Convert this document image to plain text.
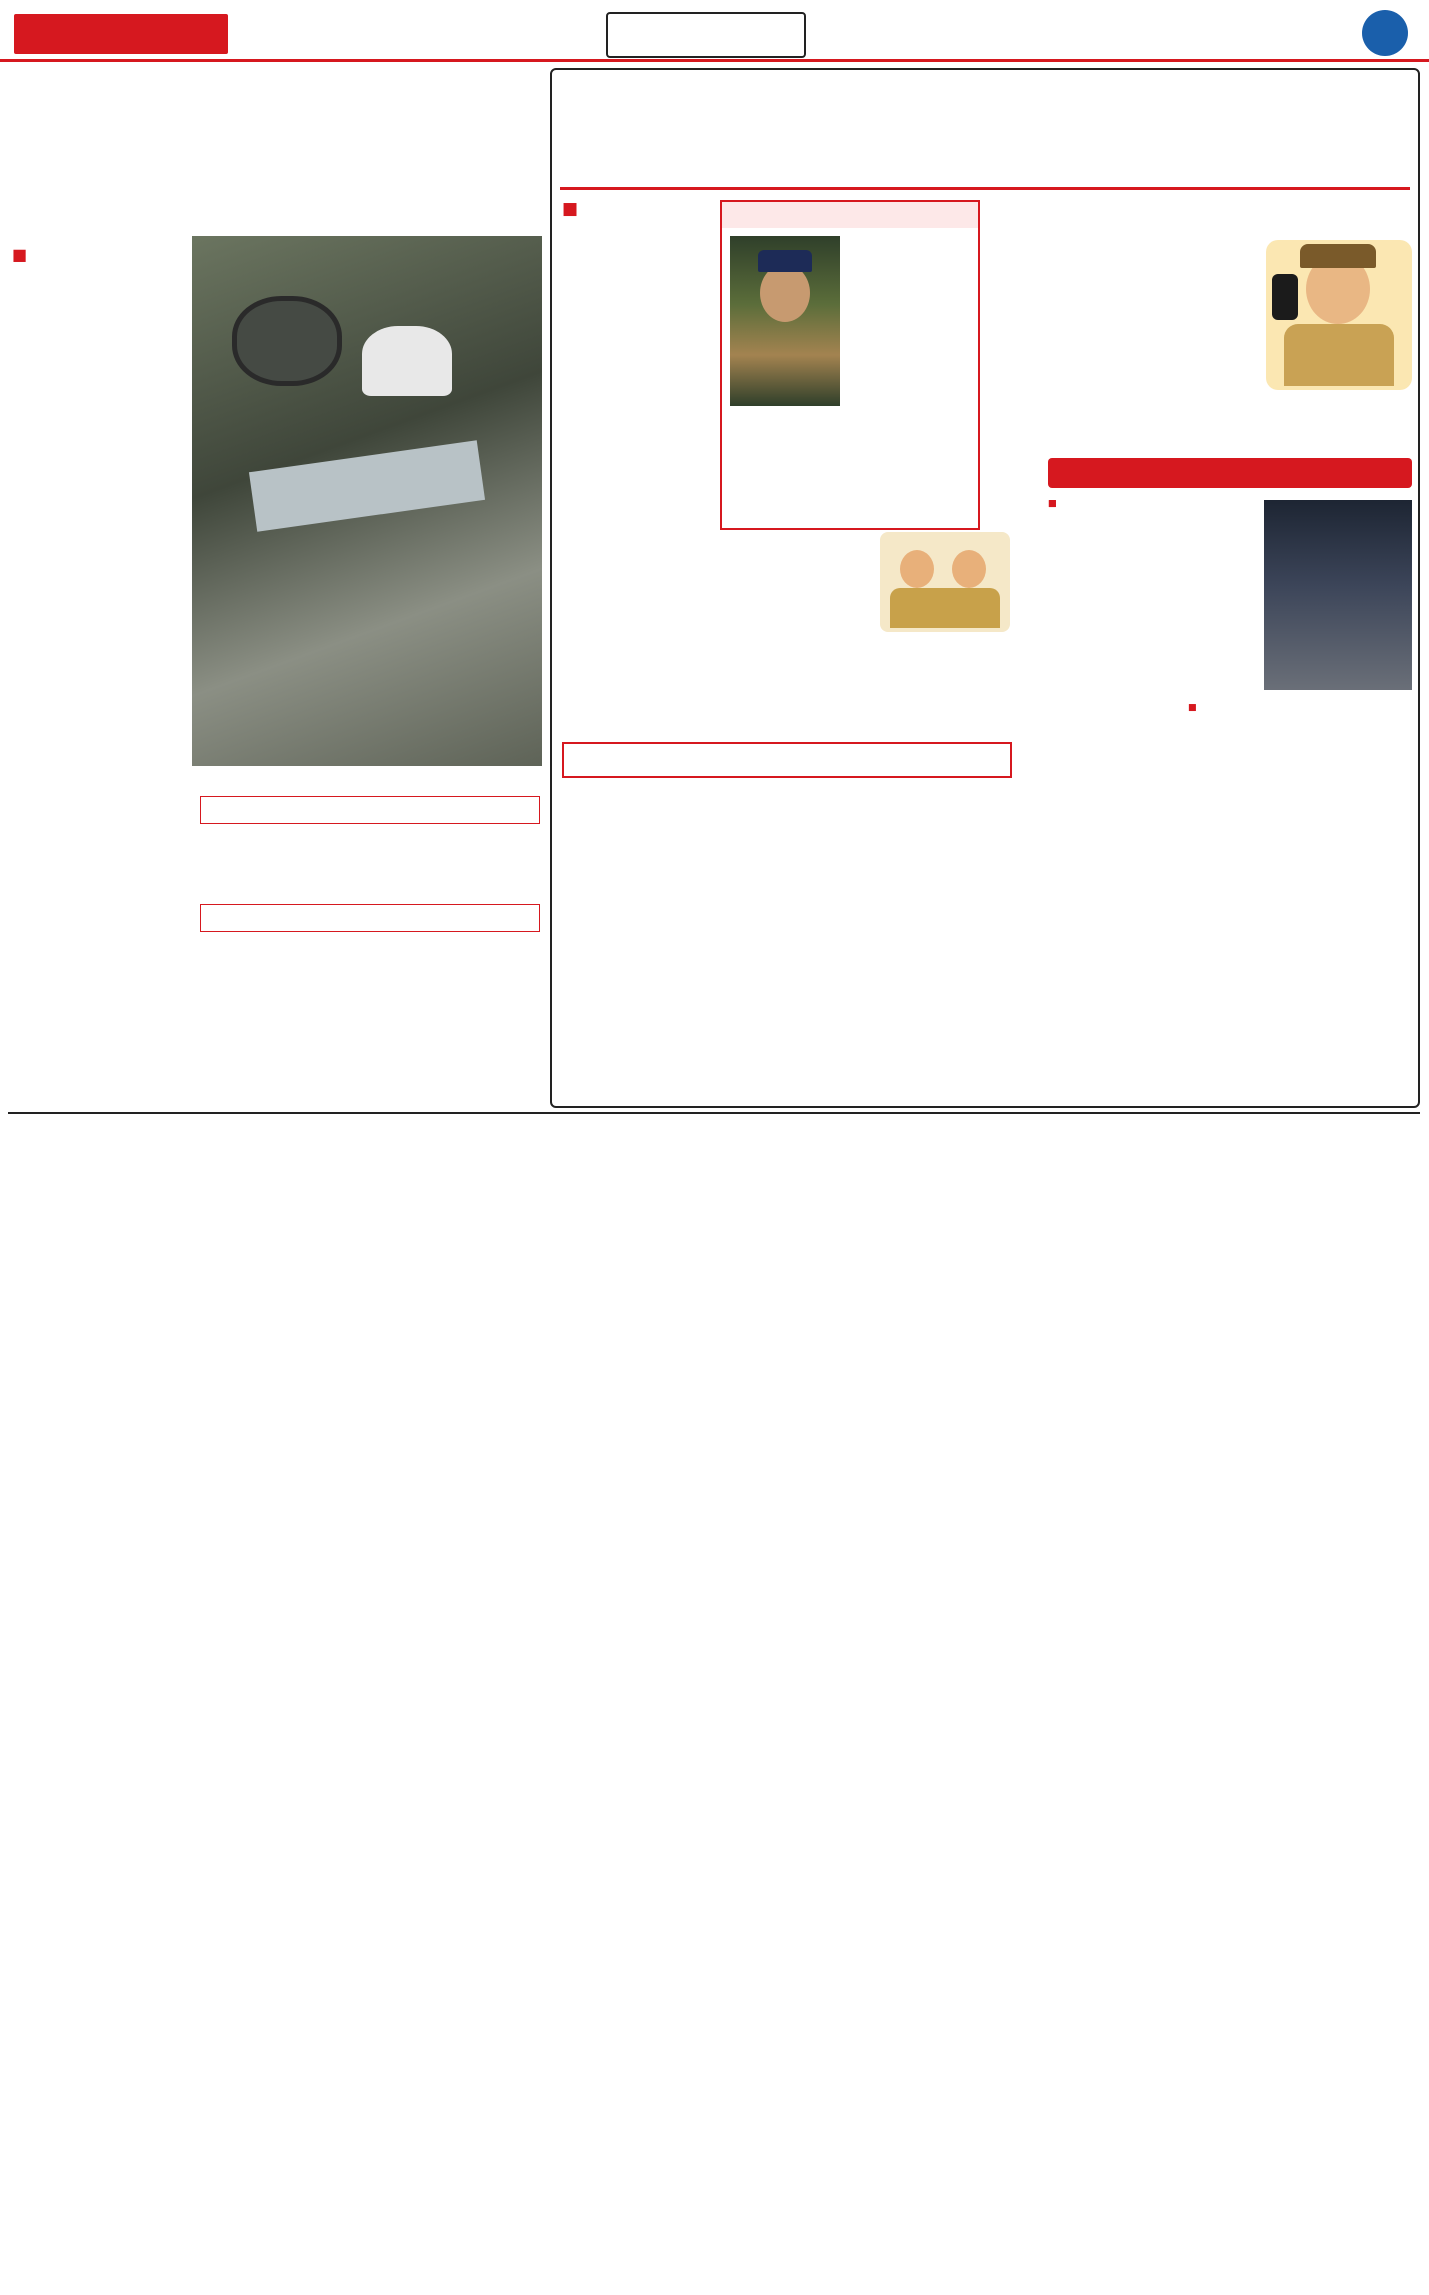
■
■
